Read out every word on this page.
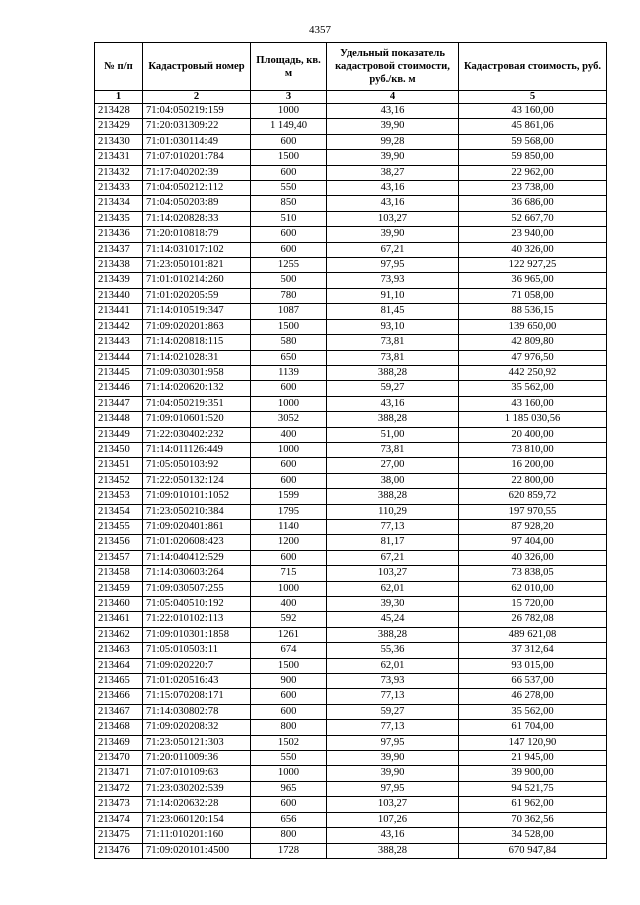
4357
№ п/п	Кадастровый номер	Площадь, кв. м	Удельный показатель кадастровой стоимости, руб./кв. м	Кадастровая стоимость, руб.
1	2	3	4	5
213428	71:04:050219:159	1000	43,16	43 160,00
213429	71:20:031309:22	1 149,40	39,90	45 861,06
213430	71:01:030114:49	600	99,28	59 568,00
213431	71:07:010201:784	1500	39,90	59 850,00
213432	71:17:040202:39	600	38,27	22 962,00
213433	71:04:050212:112	550	43,16	23 738,00
213434	71:04:050203:89	850	43,16	36 686,00
213435	71:14:020828:33	510	103,27	52 667,70
213436	71:20:010818:79	600	39,90	23 940,00
213437	71:14:031017:102	600	67,21	40 326,00
213438	71:23:050101:821	1255	97,95	122 927,25
213439	71:01:010214:260	500	73,93	36 965,00
213440	71:01:020205:59	780	91,10	71 058,00
213441	71:14:010519:347	1087	81,45	88 536,15
213442	71:09:020201:863	1500	93,10	139 650,00
213443	71:14:020818:115	580	73,81	42 809,80
213444	71:14:021028:31	650	73,81	47 976,50
213445	71:09:030301:958	1139	388,28	442 250,92
213446	71:14:020620:132	600	59,27	35 562,00
213447	71:04:050219:351	1000	43,16	43 160,00
213448	71:09:010601:520	3052	388,28	1 185 030,56
213449	71:22:030402:232	400	51,00	20 400,00
213450	71:14:011126:449	1000	73,81	73 810,00
213451	71:05:050103:92	600	27,00	16 200,00
213452	71:22:050132:124	600	38,00	22 800,00
213453	71:09:010101:1052	1599	388,28	620 859,72
213454	71:23:050210:384	1795	110,29	197 970,55
213455	71:09:020401:861	1140	77,13	87 928,20
213456	71:01:020608:423	1200	81,17	97 404,00
213457	71:14:040412:529	600	67,21	40 326,00
213458	71:14:030603:264	715	103,27	73 838,05
213459	71:09:030507:255	1000	62,01	62 010,00
213460	71:05:040510:192	400	39,30	15 720,00
213461	71:22:010102:113	592	45,24	26 782,08
213462	71:09:010301:1858	1261	388,28	489 621,08
213463	71:05:010503:11	674	55,36	37 312,64
213464	71:09:020220:7	1500	62,01	93 015,00
213465	71:01:020516:43	900	73,93	66 537,00
213466	71:15:070208:171	600	77,13	46 278,00
213467	71:14:030802:78	600	59,27	35 562,00
213468	71:09:020208:32	800	77,13	61 704,00
213469	71:23:050121:303	1502	97,95	147 120,90
213470	71:20:011009:36	550	39,90	21 945,00
213471	71:07:010109:63	1000	39,90	39 900,00
213472	71:23:030202:539	965	97,95	94 521,75
213473	71:14:020632:28	600	103,27	61 962,00
213474	71:23:060120:154	656	107,26	70 362,56
213475	71:11:010201:160	800	43,16	34 528,00
213476	71:09:020101:4500	1728	388,28	670 947,84
